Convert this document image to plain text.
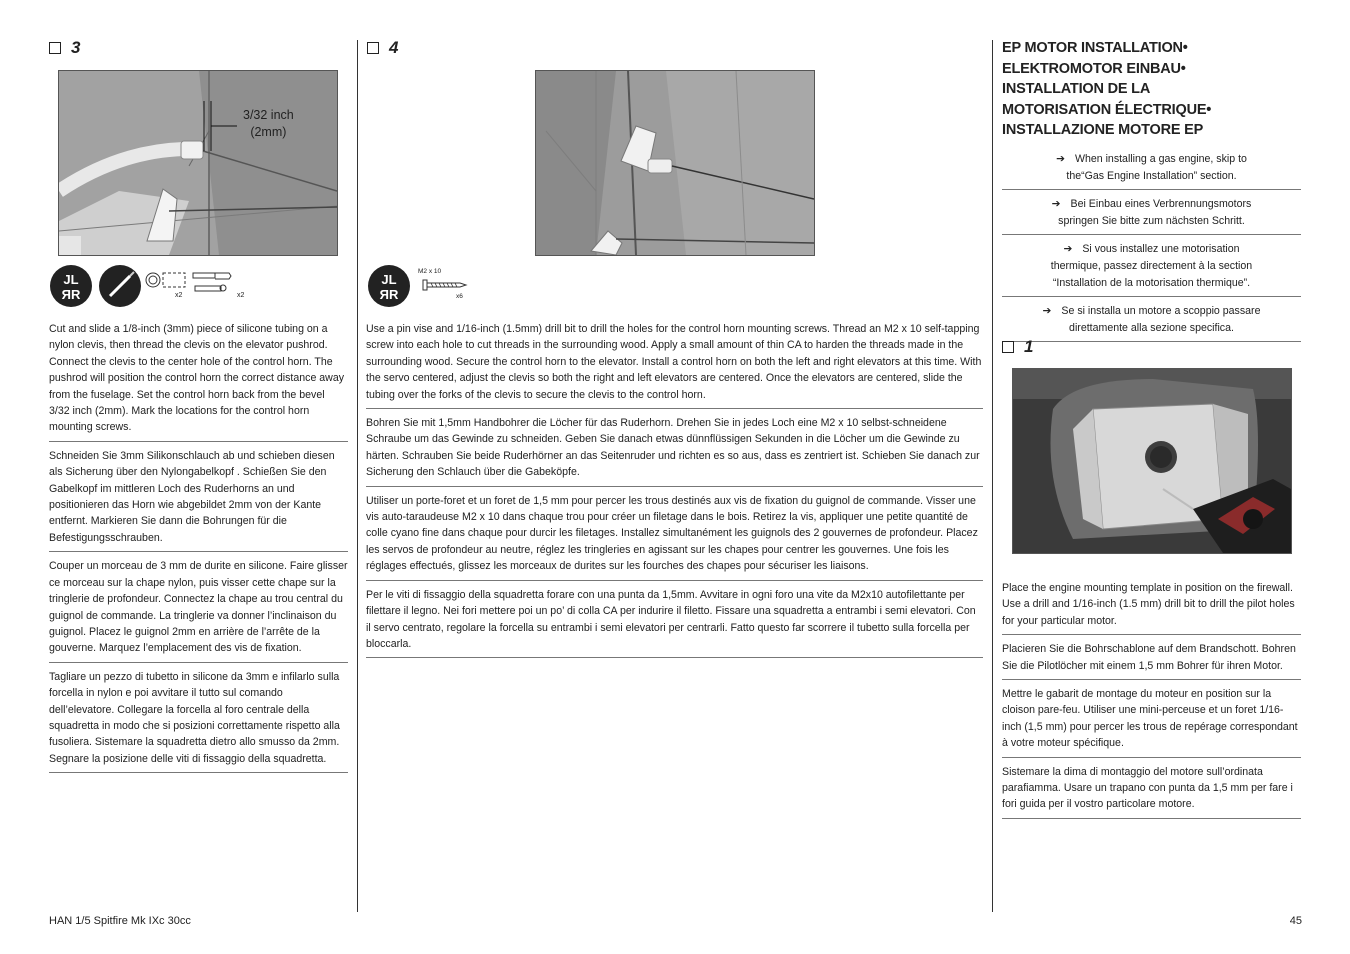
3
3/32 inch
(2mm)
JL
ЯR	x2	x2
Cut and slide a 1/8-inch (3mm) piece of silicone tubing on a nylon clevis, then thread the clevis on the elevator pushrod. Connect the clevis to the center hole of the control horn. The pushrod will position the control horn the correct distance away from the fuselage. Set the control horn back from the bevel 3/32 inch (2mm). Mark the locations for the control horn mounting screws.
Schneiden Sie 3mm Silikonschlauch ab und schieben diesen als Sicherung über den Nylongabelkopf . Schießen Sie den Gabelkopf im mittleren Loch des Ruderhorns an und positionieren das Horn wie abgebildet 2mm von der Kante entfernt. Markieren Sie dann die Bohrungen für die Befestigungsschrauben.
Couper un morceau de 3 mm de durite en silicone. Faire glisser ce morceau sur la chape nylon, puis visser cette chape sur la tringlerie de profondeur. Connectez la chape au trou central du guignol de commande. La tringlerie va donner l’inclinaison du guignol. Placez le guignol 2mm en arrière de l’arrête de la gouverne. Marquez l’emplacement des vis de fixation.
Tagliare un pezzo di tubetto in silicone da 3mm e infilarlo sulla forcella in nylon e poi avvitare il tutto sul comando dell’elevatore. Collegare la forcella al foro centrale della squadretta in modo che si posizioni correttamente rispetto alla fusoliera. Sistemare la squadretta dietro allo smusso da 2mm. Segnare la posizione delle viti di fissaggio della squadretta.
4
JL
ЯR
M2 x 10
x6
Use a pin vise and 1/16-inch (1.5mm) drill bit to drill the holes for the control horn mounting screws. Thread an M2 x 10 self-tapping screw into each hole to cut threads in the surrounding wood. Apply a small amount of thin CA to harden the threads made in the surrounding wood. Secure the control horn to the elevator. Install a control horn on both the left and right elevators at this time. With the servo centered, adjust the clevis so both the right and left elevators are centered. Once the elevators are centered, slide the tubing over the forks of the clevis to secure the clevis to the control horn.
Bohren Sie mit 1,5mm Handbohrer die Löcher für das Ruderhorn. Drehen Sie in jedes Loch eine M2 x 10 selbst-schneidene Schraube um das Gewinde zu schneiden. Geben Sie danach etwas dünnflüssigen Sekunden in die Löcher um die Gewinde zu härten. Schrauben Sie beide Ruderhörner an das Seitenruder und richten es so aus, dass es zentriert ist. Schieben Sie danach zur Sicherung den Schlauch über die Gabeköpfe.
Utiliser un porte-foret et un foret de 1,5 mm pour percer les trous destinés aux vis de fixation du guignol de commande. Visser une vis auto-taraudeuse M2 x 10 dans chaque trou pour créer un filetage dans le bois. Retirez la vis, appliquer une petite quantité de colle cyano fine dans chaque pour durcir les filetages. Installez simultanément les guignols des 2 gouvernes de profondeur. Placez les servos de profondeur au neutre, réglez les tringleries en agissant sur les chapes pour centrer les gouvernes. Une fois les réglages effectués, glissez les morceaux de durites sur les fourches des chapes pour sécuriser les liaisons.
Per le viti di fissaggio della squadretta forare con una punta da 1,5mm. Avvitare in ogni foro una vite da M2x10 autofilettante per filettare il legno. Nei fori mettere poi un po’ di colla CA per indurire il filetto. Fissare una squadretta a entrambi i semi elevatori. Con il servo centrato, regolare la forcella su entrambi i semi elevatori per centrarli. Fatto questo far scorrere il tubetto sulla forcella per bloccarla.
EP MOTOR INSTALLATION•
ELEKTROMOTOR EINBAU•
INSTALLATION DE LA
MOTORISATION ÉLECTRIQUE•
INSTALLAZIONE MOTORE EP
➔ When installing a gas engine, skip to
the“Gas Engine Installation” section.
➔ Bei Einbau eines Verbrennungsmotors
springen Sie bitte zum nächsten Schritt.
➔ Si vous installez une motorisation
thermique, passez directement à la section
“Installation de la motorisation thermique”.
➔ Se si installa un motore a scoppio passare
direttamente alla sezione specifica.
1
Place the engine mounting template in position on the firewall. Use a drill and 1/16-inch (1.5 mm) drill bit to drill the pilot holes for your particular motor.
Placieren Sie die Bohrschablone auf dem Brandschott. Bohren Sie die Pilotlöcher mit einem 1,5 mm Bohrer für ihren Motor.
Mettre le gabarit de montage du moteur en position sur la cloison pare-feu. Utiliser une mini-perceuse et un foret 1/16-inch (1,5 mm) pour percer les trous de repérage correspondant à votre moteur spécifique.
Sistemare la dima di montaggio del motore sull’ordinata parafiamma. Usare un trapano con punta da 1,5 mm per fare i fori guida per il vostro particolare motore.
HAN 1/5 Spitfire Mk IXc 30cc	45
